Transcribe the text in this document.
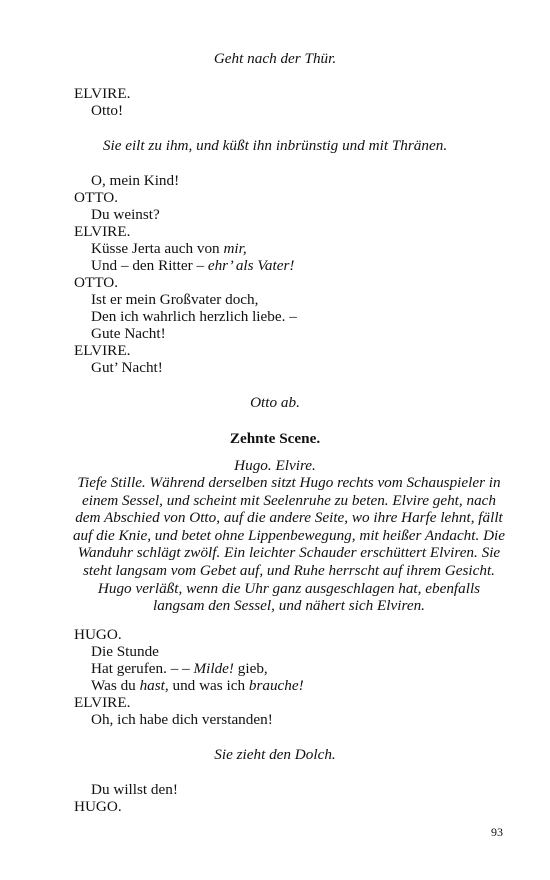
Geht nach der Thür.
ELVIRE.
Otto!
Sie eilt zu ihm, und küßt ihn inbrünstig und mit Thränen.
O, mein Kind!
OTTO.
Du weinst?
ELVIRE.
Küsse Jerta auch von mir,
Und – den Ritter – ehr’ als Vater!
OTTO.
Ist er mein Großvater doch,
Den ich wahrlich herzlich liebe. –
Gute Nacht!
ELVIRE.
Gut’ Nacht!
Otto ab.
Zehnte Scene.
Hugo. Elvire.
Tiefe Stille. Während derselben sitzt Hugo rechts vom Schauspieler in einem Sessel, und scheint mit Seelenruhe zu beten. Elvire geht, nach dem Abschied von Otto, auf die andere Seite, wo ihre Harfe lehnt, fällt auf die Knie, und betet ohne Lippenbewegung, mit heißer Andacht. Die Wanduhr schlägt zwölf. Ein leichter Schauder erschüttert Elviren. Sie steht langsam vom Gebet auf, und Ruhe herrscht auf ihrem Gesicht. Hugo verläßt, wenn die Uhr ganz ausgeschlagen hat, ebenfalls langsam den Sessel, und nähert sich Elviren.
HUGO.
Die Stunde
Hat gerufen. – – Milde! gieb,
Was du hast, und was ich brauche!
ELVIRE.
Oh, ich habe dich verstanden!
Sie zieht den Dolch.
Du willst den!
HUGO.
93
